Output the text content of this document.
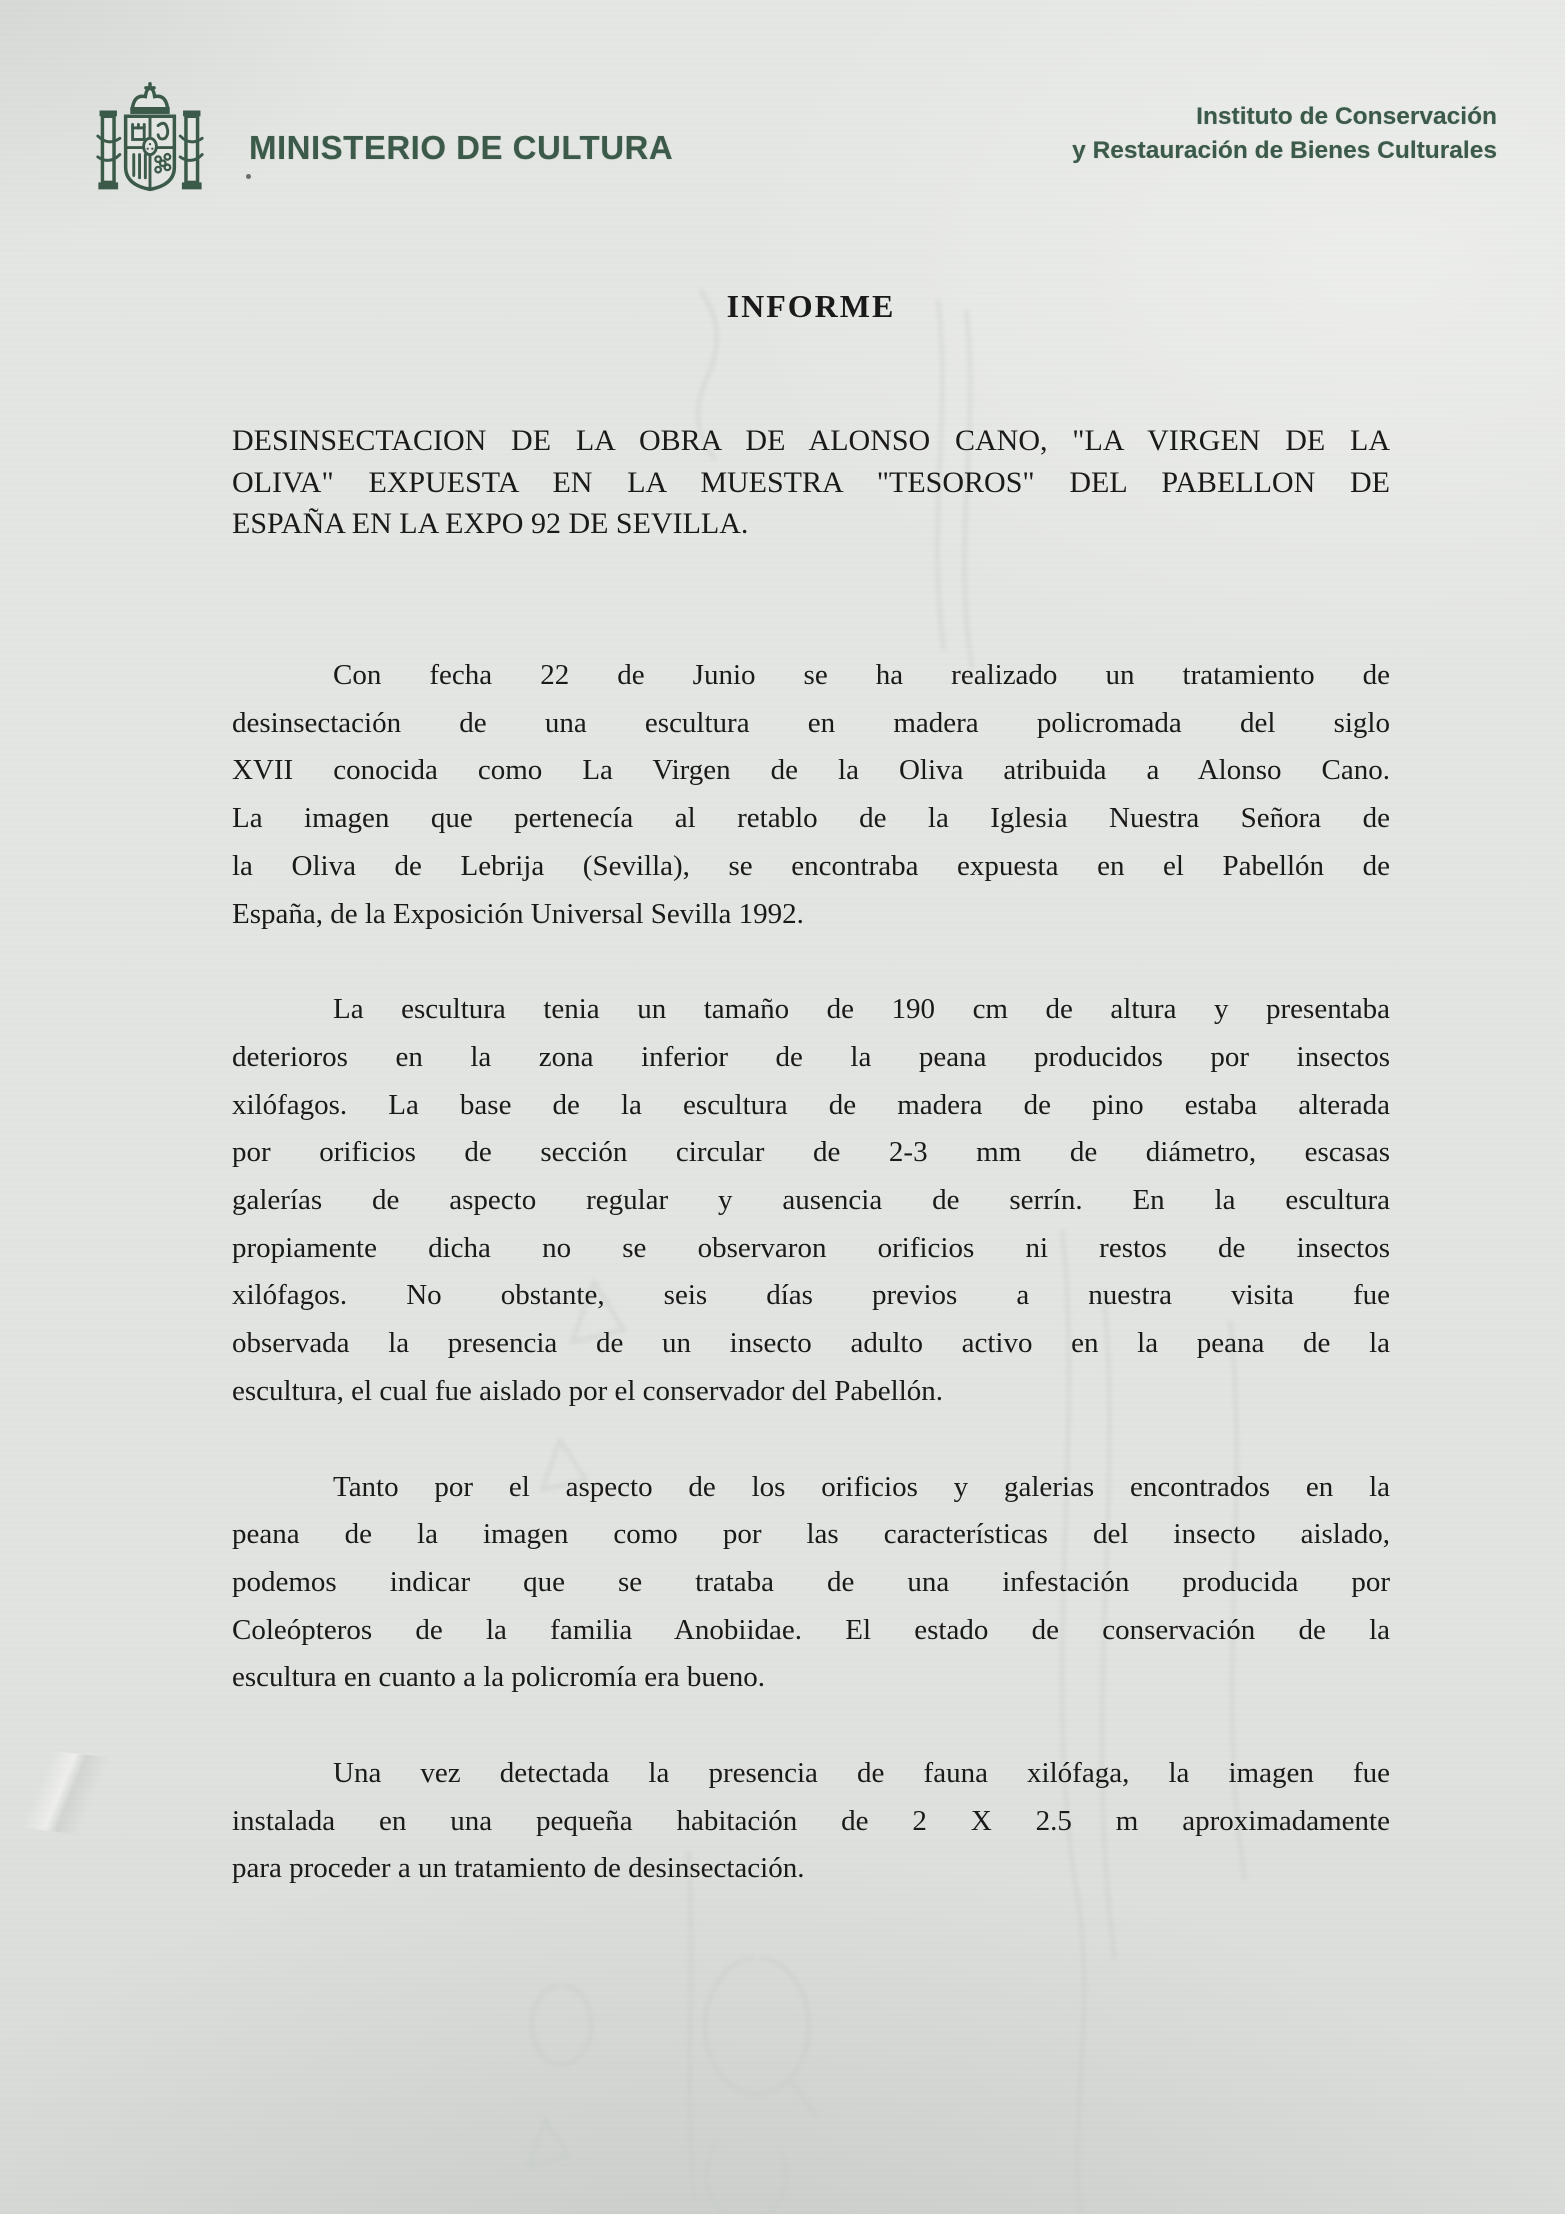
MINISTERIO DE CULTURA
Instituto de Conservación
y Restauración de Bienes Culturales
INFORME
DESINSECTACION DE LA OBRA DE ALONSO CANO, "LA VIRGEN DE LA
OLIVA" EXPUESTA EN LA MUESTRA "TESOROS" DEL PABELLON DE
ESPAÑA EN LA EXPO 92 DE SEVILLA.
Con fecha 22 de Junio se ha realizado un tratamiento de
desinsectación de una escultura en madera policromada del siglo
XVII conocida como La Virgen de la Oliva atribuida a Alonso Cano.
La imagen que pertenecía al retablo de la Iglesia Nuestra Señora de
la Oliva de Lebrija (Sevilla), se encontraba expuesta en el Pabellón de
España, de la Exposición Universal Sevilla 1992.
La escultura tenia un tamaño de 190 cm de altura y presentaba
deterioros en la zona inferior de la peana producidos por insectos
xilófagos. La base de la escultura de madera de pino estaba alterada
por orificios de sección circular de 2-3 mm de diámetro, escasas
galerías de aspecto regular y ausencia de serrín. En la escultura
propiamente dicha no se observaron orificios ni restos de insectos
xilófagos. No obstante, seis días previos a nuestra visita fue
observada la presencia de un insecto adulto activo en la peana de la
escultura, el cual fue aislado por el conservador del Pabellón.
Tanto por el aspecto de los orificios y galerias encontrados en la
peana de la imagen como por las características del insecto aislado,
podemos indicar que se trataba de una infestación producida por
Coleópteros de la familia Anobiidae. El estado de conservación de la
escultura en cuanto a la policromía era bueno.
Una vez detectada la presencia de fauna xilófaga, la imagen fue
instalada en una pequeña habitación de 2 X 2.5 m aproximadamente
para proceder a un tratamiento de desinsectación.
